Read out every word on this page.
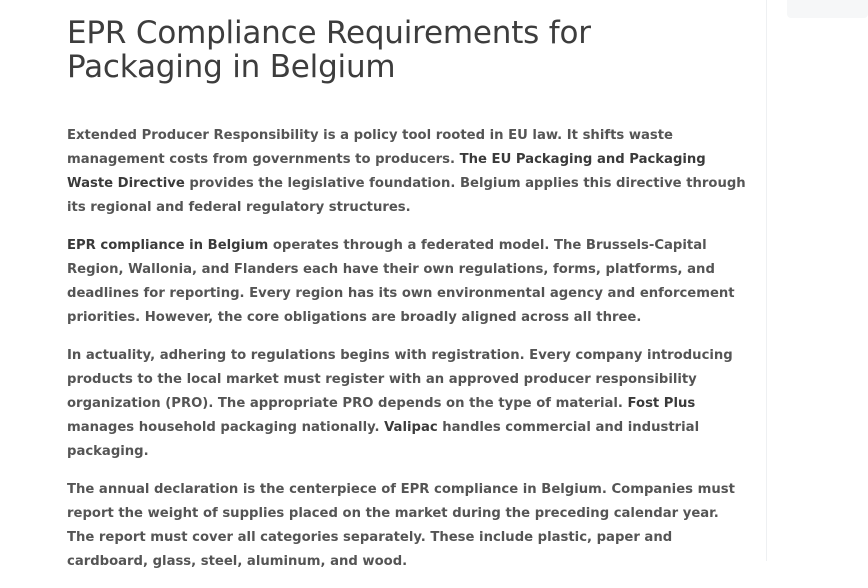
EPR Compliance Requirements for Packaging in Belgium

Extended Producer Responsibility is a policy tool rooted in EU law. It shifts waste management costs from governments to producers. The EU Packaging and Packaging Waste Directive provides the legislative foundation. Belgium applies this directive through its regional and federal regulatory structures.

EPR compliance in Belgium operates through a federated model. The Brussels-Capital Region, Wallonia, and Flanders each have their own regulations, forms, platforms, and deadlines for reporting. Every region has its own environmental agency and enforcement priorities. However, the core obligations are broadly aligned across all three.

In actuality, adhering to regulations begins with registration. Every company introducing products to the local market must register with an approved producer responsibility organization (PRO). The appropriate PRO depends on the type of material. Fost Plus manages household packaging nationally. Valipac handles commercial and industrial packaging.

The annual declaration is the centerpiece of EPR compliance in Belgium. Companies must report the weight of supplies placed on the market during the preceding calendar year. The report must cover all categories separately. These include plastic, paper and cardboard, glass, steel, aluminum, and wood.
